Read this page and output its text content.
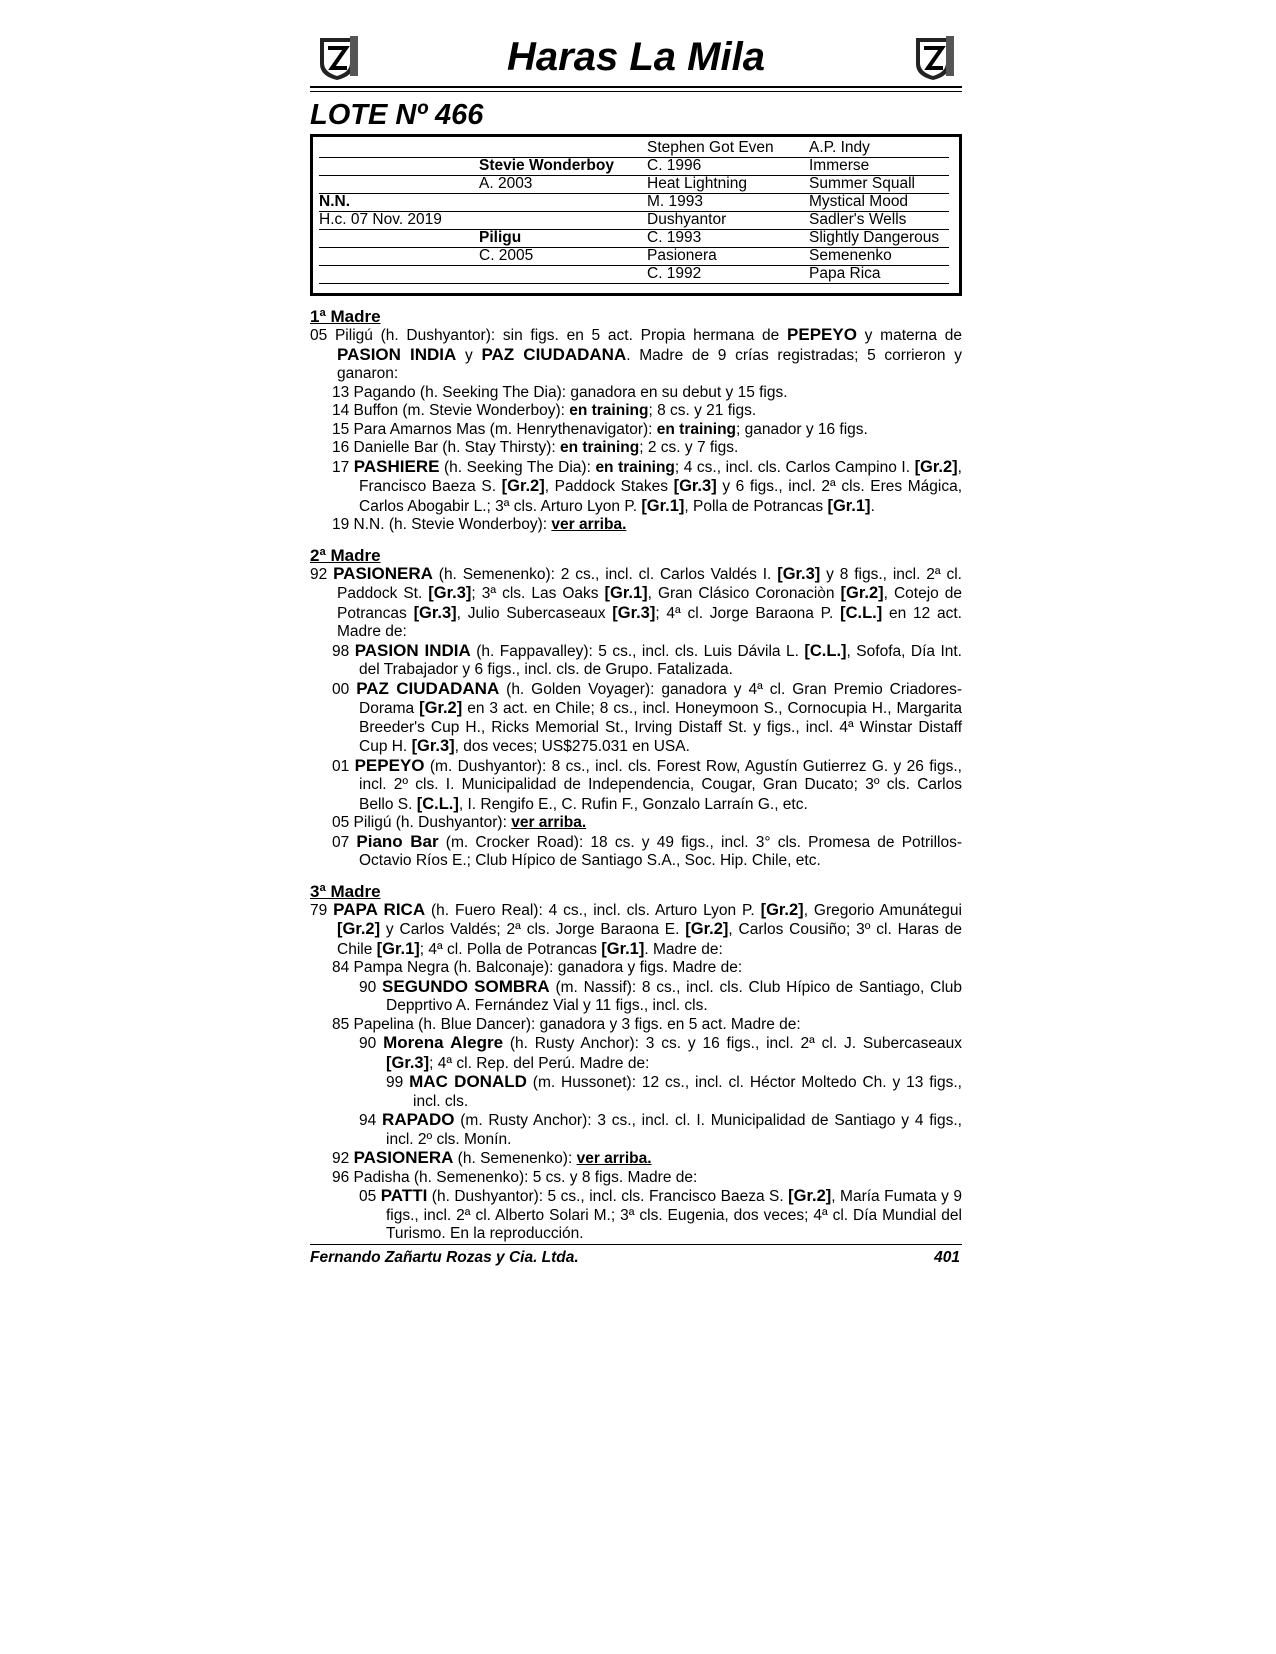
Haras La Mila
LOTE Nº 466
N.N.
H.c. 07 Nov. 2019
Stevie Wonderboy
A. 2003
Piligu
C. 2005
Stephen Got Even
C. 1996
Heat Lightning
M. 1993
Dushyantor
C. 1993
Pasionera
C. 1992
A.P. Indy
Immerse
Summer Squall
Mystical Mood
Sadler's Wells
Slightly Dangerous
Semenenko
Papa Rica
1ª Madre
05 Piligú (h. Dushyantor): sin figs. en 5 act. Propia hermana de PEPEYO y materna de PASION INDIA y PAZ CIUDADANA. Madre de 9 crías registradas; 5 corrieron y ganaron:
13 Pagando (h. Seeking The Dia): ganadora en su debut y 15 figs.
14 Buffon (m. Stevie Wonderboy): en training; 8 cs. y 21 figs.
15 Para Amarnos Mas (m. Henrythenavigator): en training; ganador y 16 figs.
16 Danielle Bar (h. Stay Thirsty): en training; 2 cs. y 7 figs.
17 PASHIERE (h. Seeking The Dia): en training; 4 cs., incl. cls. Carlos Campino I. [Gr.2], Francisco Baeza S. [Gr.2], Paddock Stakes [Gr.3] y 6 figs., incl. 2ª cls. Eres Mágica, Carlos Abogabir L.; 3ª cls. Arturo Lyon P. [Gr.1], Polla de Potrancas [Gr.1].
19 N.N. (h. Stevie Wonderboy): ver arriba.
2ª Madre
92 PASIONERA (h. Semenenko): 2 cs., incl. cl. Carlos Valdés I. [Gr.3] y 8 figs., incl. 2ª cl. Paddock St. [Gr.3]; 3ª cls. Las Oaks [Gr.1], Gran Clásico Coronaciòn [Gr.2], Cotejo de Potrancas [Gr.3], Julio Subercaseaux [Gr.3]; 4ª cl. Jorge Baraona P. [C.L.] en 12 act. Madre de:
98 PASION INDIA (h. Fappavalley): 5 cs., incl. cls. Luis Dávila L. [C.L.], Sofofa, Día Int. del Trabajador y 6 figs., incl. cls. de Grupo. Fatalizada.
00 PAZ CIUDADANA (h. Golden Voyager): ganadora y 4ª cl. Gran Premio Criadores-Dorama [Gr.2] en 3 act. en Chile; 8 cs., incl. Honeymoon S., Cornocupia H., Margarita Breeder's Cup H., Ricks Memorial St., Irving Distaff St. y figs., incl. 4ª Winstar Distaff Cup H. [Gr.3], dos veces; US$275.031 en USA.
01 PEPEYO (m. Dushyantor): 8 cs., incl. cls. Forest Row, Agustín Gutierrez G. y 26 figs., incl. 2º cls. I. Municipalidad de Independencia, Cougar, Gran Ducato; 3º cls. Carlos Bello S. [C.L.], I. Rengifo E., C. Rufin F., Gonzalo Larraín G., etc.
05 Piligú (h. Dushyantor): ver arriba.
07 Piano Bar (m. Crocker Road): 18 cs. y 49 figs., incl. 3° cls. Promesa de Potrillos-Octavio Ríos E.; Club Hípico de Santiago S.A., Soc. Hip. Chile, etc.
3ª Madre
79 PAPA RICA (h. Fuero Real): 4 cs., incl. cls. Arturo Lyon P. [Gr.2], Gregorio Amunátegui [Gr.2] y Carlos Valdés; 2ª cls. Jorge Baraona E. [Gr.2], Carlos Cousiño; 3º cl. Haras de Chile [Gr.1]; 4ª cl. Polla de Potrancas [Gr.1]. Madre de:
84 Pampa Negra (h. Balconaje): ganadora y figs. Madre de:
90 SEGUNDO SOMBRA (m. Nassif): 8 cs., incl. cls. Club Hípico de Santiago, Club Depprtivo A. Fernández Vial y 11 figs., incl. cls.
85 Papelina (h. Blue Dancer): ganadora y 3 figs. en 5 act. Madre de:
90 Morena Alegre (h. Rusty Anchor): 3 cs. y 16 figs., incl. 2ª cl. J. Subercaseaux [Gr.3]; 4ª cl. Rep. del Perú. Madre de:
99 MAC DONALD (m. Hussonet): 12 cs., incl. cl. Héctor Moltedo Ch. y 13 figs., incl. cls.
94 RAPADO (m. Rusty Anchor): 3 cs., incl. cl. I. Municipalidad de Santiago y 4 figs., incl. 2º cls. Monín.
92 PASIONERA (h. Semenenko): ver arriba.
96 Padisha (h. Semenenko): 5 cs. y 8 figs. Madre de:
05 PATTI (h. Dushyantor): 5 cs., incl. cls. Francisco Baeza S. [Gr.2], María Fumata y 9 figs., incl. 2ª cl. Alberto Solari M.; 3ª cls. Eugenia, dos veces; 4ª cl. Día Mundial del Turismo. En la reproducción.
Fernando Zañartu Rozas y Cia. Ltda.	401
